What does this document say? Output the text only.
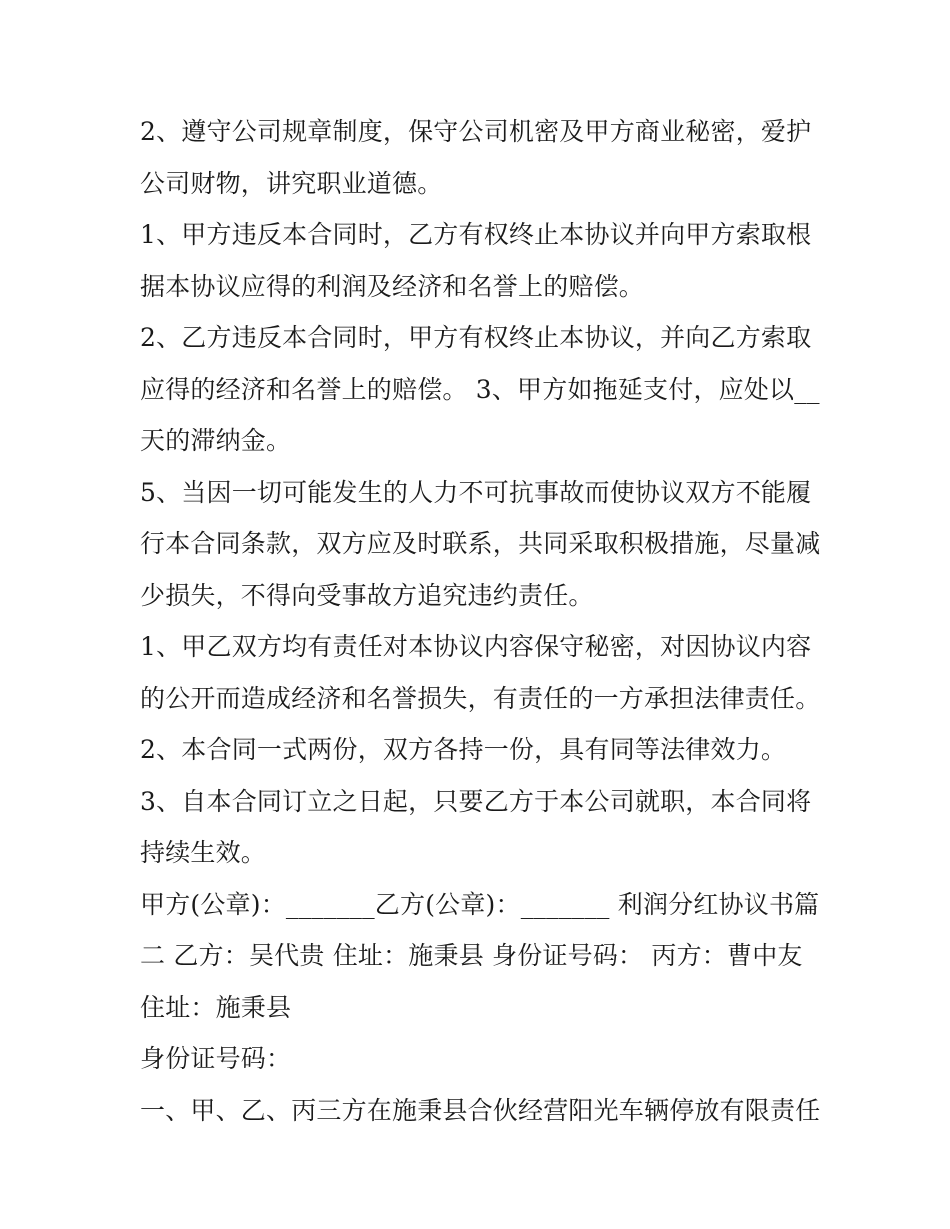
2、遵守公司规章制度，保守公司机密及甲方商业秘密，爱护
公司财物，讲究职业道德。
1、甲方违反本合同时，乙方有权终止本协议并向甲方索取根
据本协议应得的利润及经济和名誉上的赔偿。
2、乙方违反本合同时，甲方有权终止本协议，并向乙方索取
应得的经济和名誉上的赔偿。 3、甲方如拖延支付，应处以__
天的滞纳金。
5、当因一切可能发生的人力不可抗事故而使协议双方不能履
行本合同条款，双方应及时联系，共同采取积极措施，尽量减
少损失，不得向受事故方追究违约责任。
1、甲乙双方均有责任对本协议内容保守秘密，对因协议内容
的公开而造成经济和名誉损失，有责任的一方承担法律责任。
2、本合同一式两份，双方各持一份，具有同等法律效力。
3、自本合同订立之日起，只要乙方于本公司就职，本合同将
持续生效。
甲方(公章)：_______乙方(公章)：_______ 利润分红协议书篇
二 乙方：吴代贵 住址：施秉县 身份证号码： 丙方：曹中友
住址：施秉县
身份证号码：
一、甲、乙、丙三方在施秉县合伙经营阳光车辆停放有限责任
